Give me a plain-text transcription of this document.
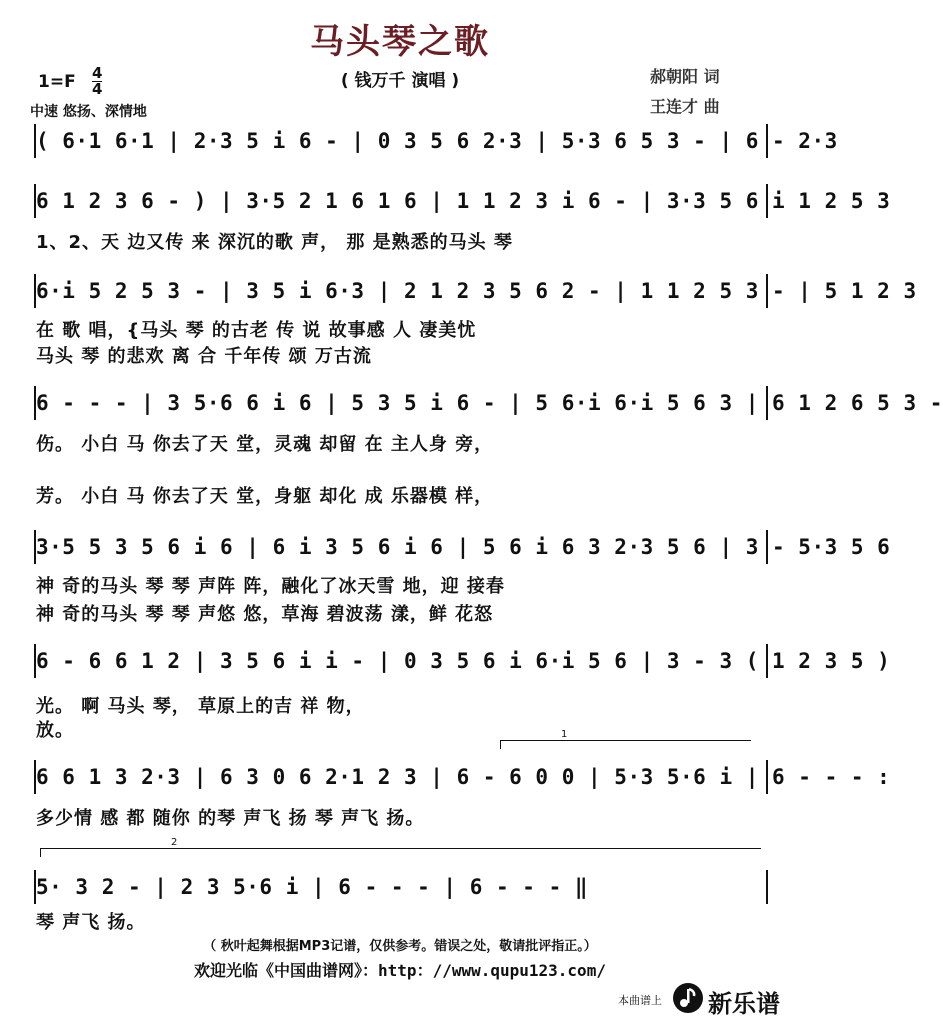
马头琴之歌
( 钱万千 演唱 )
$1=F \frac{4}{4}$
中速 悠扬、深情地
郝朝阳 词
王连才 曲
( 6·1 6·1 | 2·3 5 i 6 - | 0 3 5 6 2·3 | 5·3 6 5 3 - | 6 - 2·3
6 1 2 3 6 - ) | 3·5 2 1 6 1 6 | 1 1 2 3 i 6 - | 3·3 5 6 i 1 2 5 3
1、2、天 边又传 来 深沉的歌 声， 那 是熟悉的马头 琴
6·i 5 2 5 3 - | 3 5 i 6·3 | 2 1 2 3 5 6 2 - | 1 1 2 5 3 - | 5 1 2 3
在 歌 唱，{马头 琴 的古老 传 说 故事感 人 凄美忧
马头 琴 的悲欢 离 合 千年传 颂 万古流
6 - - - | 3 5·6 6 i 6 | 5 3 5 i 6 - | 5 6·i 6·i 5 6 3 | 6 1 2 6 5 3 -
伤。 小白 马 你去了天 堂，灵魂 却留 在 主人身 旁，
芳。 小白 马 你去了天 堂，身躯 却化 成 乐器模 样，
3·5 5 3 5 6 i 6 | 6 i 3 5 6 i 6 | 5 6 i 6 3 2·3 5 6 | 3 - 5·3 5 6
神 奇的马头 琴 琴 声阵 阵，融化了冰天雪 地，迎 接春
神 奇的马头 琴 琴 声悠 悠，草海 碧波荡 漾，鲜 花怒
6 - 6 6 1 2 | 3 5 6 i i - | 0 3 5 6 i 6·i 5 6 | 3 - 3 ( 1 2 3 5 )
光。 啊 马头 琴， 草原上的吉 祥 物，
放。	1
6 6 1 3 2·3 | 6 3 0 6 2·1 2 3 | 6 - 6 0 0 | 5·3 5·6 i | 6 - - - :
多少情 感 都 随你 的琴 声飞 扬 琴 声飞 扬。
2
5· 3 2 - | 2 3 5·6 i | 6 - - - | 6 - - - ‖
琴 声飞 扬。
（ 秋叶起舞根据MP3记谱，仅供参考。错误之处，敬请批评指正。）
欢迎光临《中国曲谱网》：http：//www.qupu123.com/
本曲谱上 新乐谱
